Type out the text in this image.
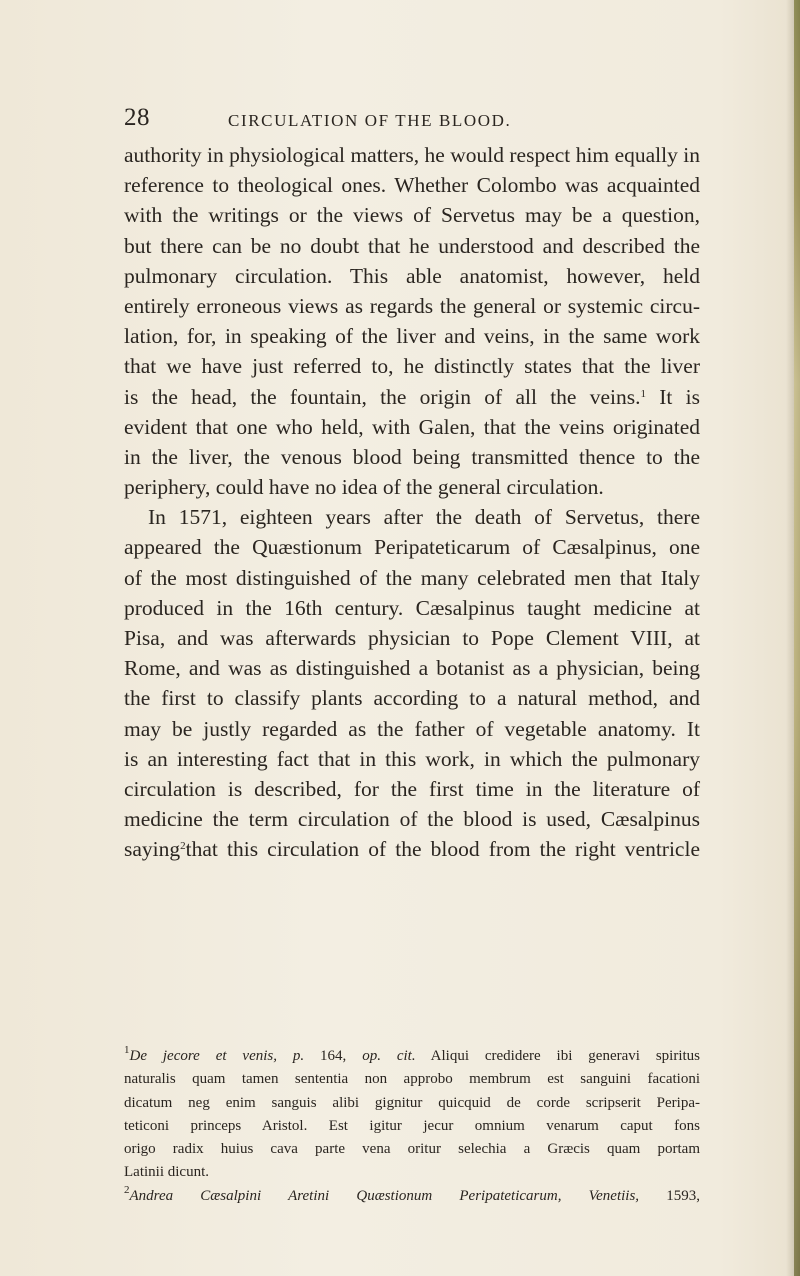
28	CIRCULATION OF THE BLOOD.
authority in physiological matters, he would respect him equally in
reference to theological ones. Whether Colombo was acquainted
with the writings or the views of Servetus may be a question,
but there can be no doubt that he understood and described the
pulmonary circulation. This able anatomist, however, held
entirely erroneous views as regards the general or systemic circu-
lation, for, in speaking of the liver and veins, in the same work
that we have just referred to, he distinctly states that the liver
is the head, the fountain, the origin of all the veins.$^1$ It is
evident that one who held, with Galen, that the veins originated
in the liver, the venous blood being transmitted thence to the
periphery, could have no idea of the general circulation.
In 1571, eighteen years after the death of Servetus, there
appeared the Quæstionum Peripateticarum of Cæsalpinus, one
of the most distinguished of the many celebrated men that Italy
produced in the 16th century. Cæsalpinus taught medicine at
Pisa, and was afterwards physician to Pope Clement VIII, at
Rome, and was as distinguished a botanist as a physician, being
the first to classify plants according to a natural method, and
may be justly regarded as the father of vegetable anatomy. It
is an interesting fact that in this work, in which the pulmonary
circulation is described, for the first time in the literature of
medicine the term circulation of the blood is used, Cæsalpinus
saying$^2$that this circulation of the blood from the right ventricle
$^1$De jecore et venis, p. 164, op. cit. Aliqui credidere ibi generavi spiritus
naturalis quam tamen sententia non approbo membrum est sanguini facationi
dicatum neg enim sanguis alibi gignitur quicquid de corde scripserit Peripa-
teticoni princeps Aristol. Est igitur jecur omnium venarum caput fons
origo radix huius cava parte vena oritur selechia a Græcis quam portam
Latinii dicunt.
$^2$Andrea Cæsalpini Aretini Quæstionum Peripateticarum, Venetiis, 1593,
